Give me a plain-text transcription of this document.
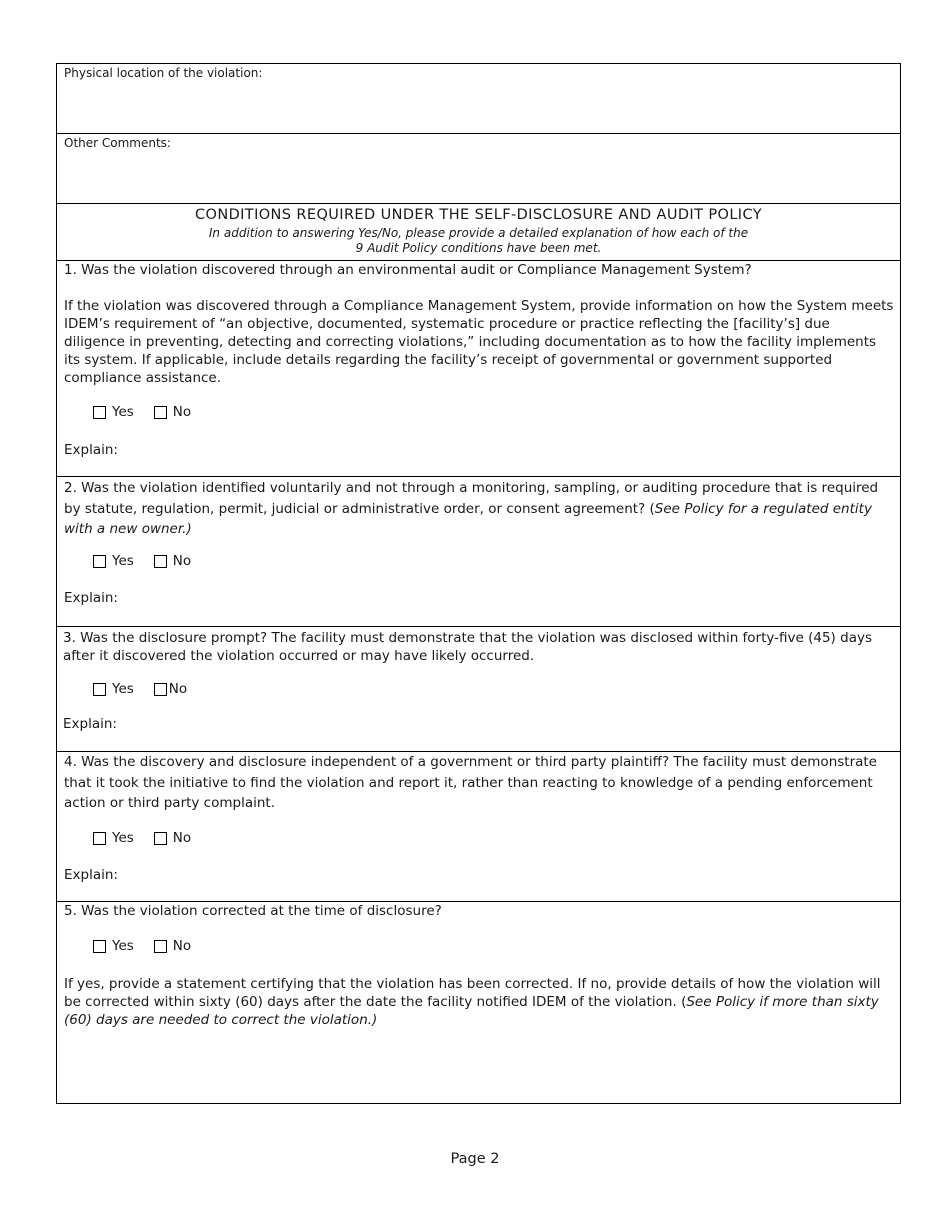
Physical location of the violation:

Other Comments:

CONDITIONS REQUIRED UNDER THE SELF-DISCLOSURE AND AUDIT POLICY
In addition to answering Yes/No, please provide a detailed explanation of how each of the
9 Audit Policy conditions have been met.

1. Was the violation discovered through an environmental audit or Compliance Management System?

If the violation was discovered through a Compliance Management System, provide information on how the System meets IDEM’s requirement of “an objective, documented, systematic procedure or practice reflecting the [facility’s] due diligence in preventing, detecting and correcting violations,” including documentation as to how the facility implements its system. If applicable, include details regarding the facility’s receipt of governmental or government supported compliance assistance.

Yes	No

Explain:

2. Was the violation identified voluntarily and not through a monitoring, sampling, or auditing procedure that is required by statute, regulation, permit, judicial or administrative order, or consent agreement? (See Policy for a regulated entity with a new owner.)

Yes	No

Explain:

3. Was the disclosure prompt? The facility must demonstrate that the violation was disclosed within forty-five (45) days after it discovered the violation occurred or may have likely occurred.

Yes	No

Explain:

4. Was the discovery and disclosure independent of a government or third party plaintiff? The facility must demonstrate that it took the initiative to find the violation and report it, rather than reacting to knowledge of a pending enforcement action or third party complaint.

Yes	No

Explain:

5. Was the violation corrected at the time of disclosure?

Yes	No

If yes, provide a statement certifying that the violation has been corrected. If no, provide details of how the violation will be corrected within sixty (60) days after the date the facility notified IDEM of the violation. (See Policy if more than sixty (60) days are needed to correct the violation.)

Page 2
